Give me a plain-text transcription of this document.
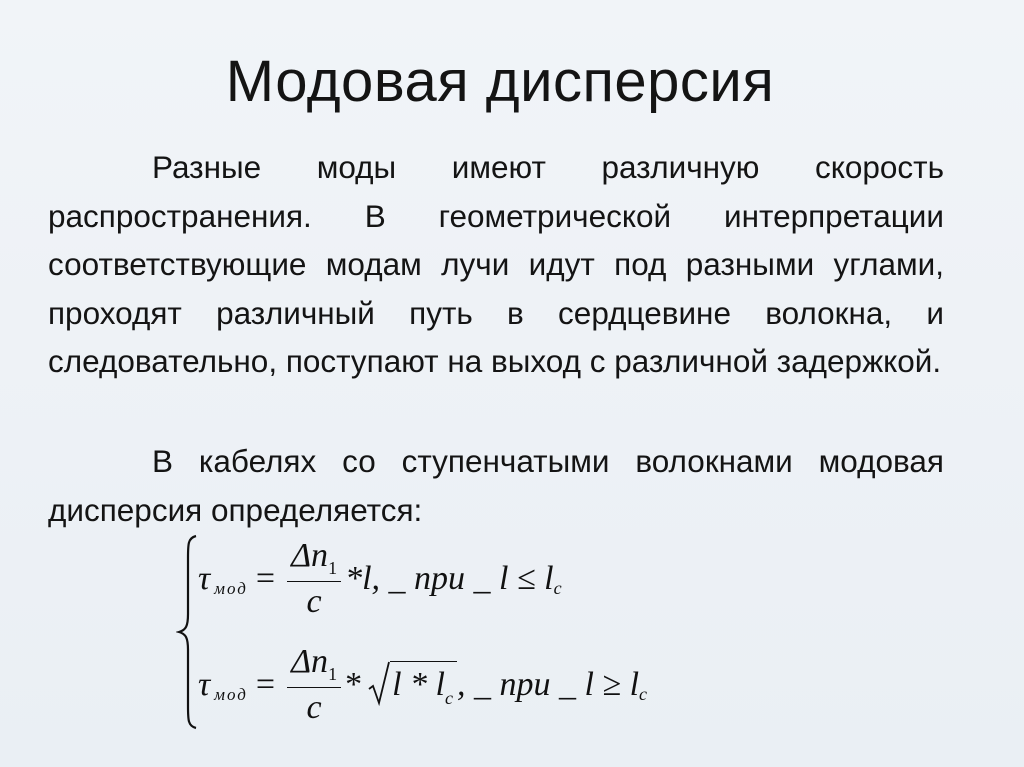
Модовая дисперсия

Разные моды имеют различную скорость распространения. В геометрической интерпретации соответствующие модам лучи идут под разными углами, проходят различный путь в сердцевине волокна, и следовательно, поступают на выход с различной задержкой.

В кабелях со ступенчатыми волокнами модовая дисперсия определяется:

τ мод = $\frac{\Delta n_1}{c} *l$, _ при _ l ≤ l c
τ мод = $\frac{\Delta n_1}{c}$ * l * $l_c$ , _ при _ l ≥ l c
